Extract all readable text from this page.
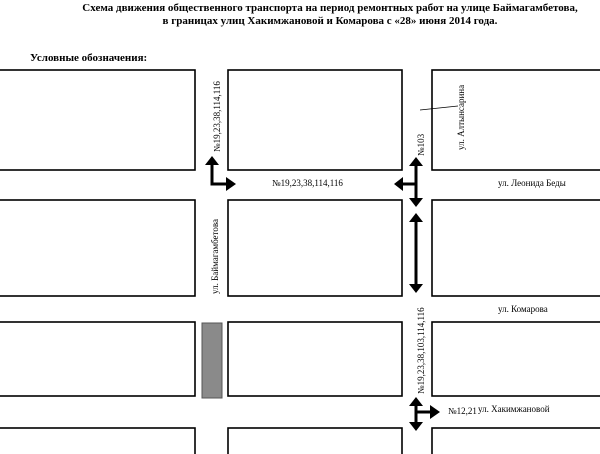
Схема движения общественного транспорта на период ремонтных работ на улице Баймагамбетова,
в границах улиц Хакимжановой и Комарова с «28» июня 2014 года.
Условные обозначения:
ул. Леонида Беды
ул. Комарова
ул. Хакимжановой
№19,23,38,114,116
№12,21
№19,23,38,114,116
ул. Баймагамбетова
№103	ул. Алтынсарина
№19,23,38,103,114,116
